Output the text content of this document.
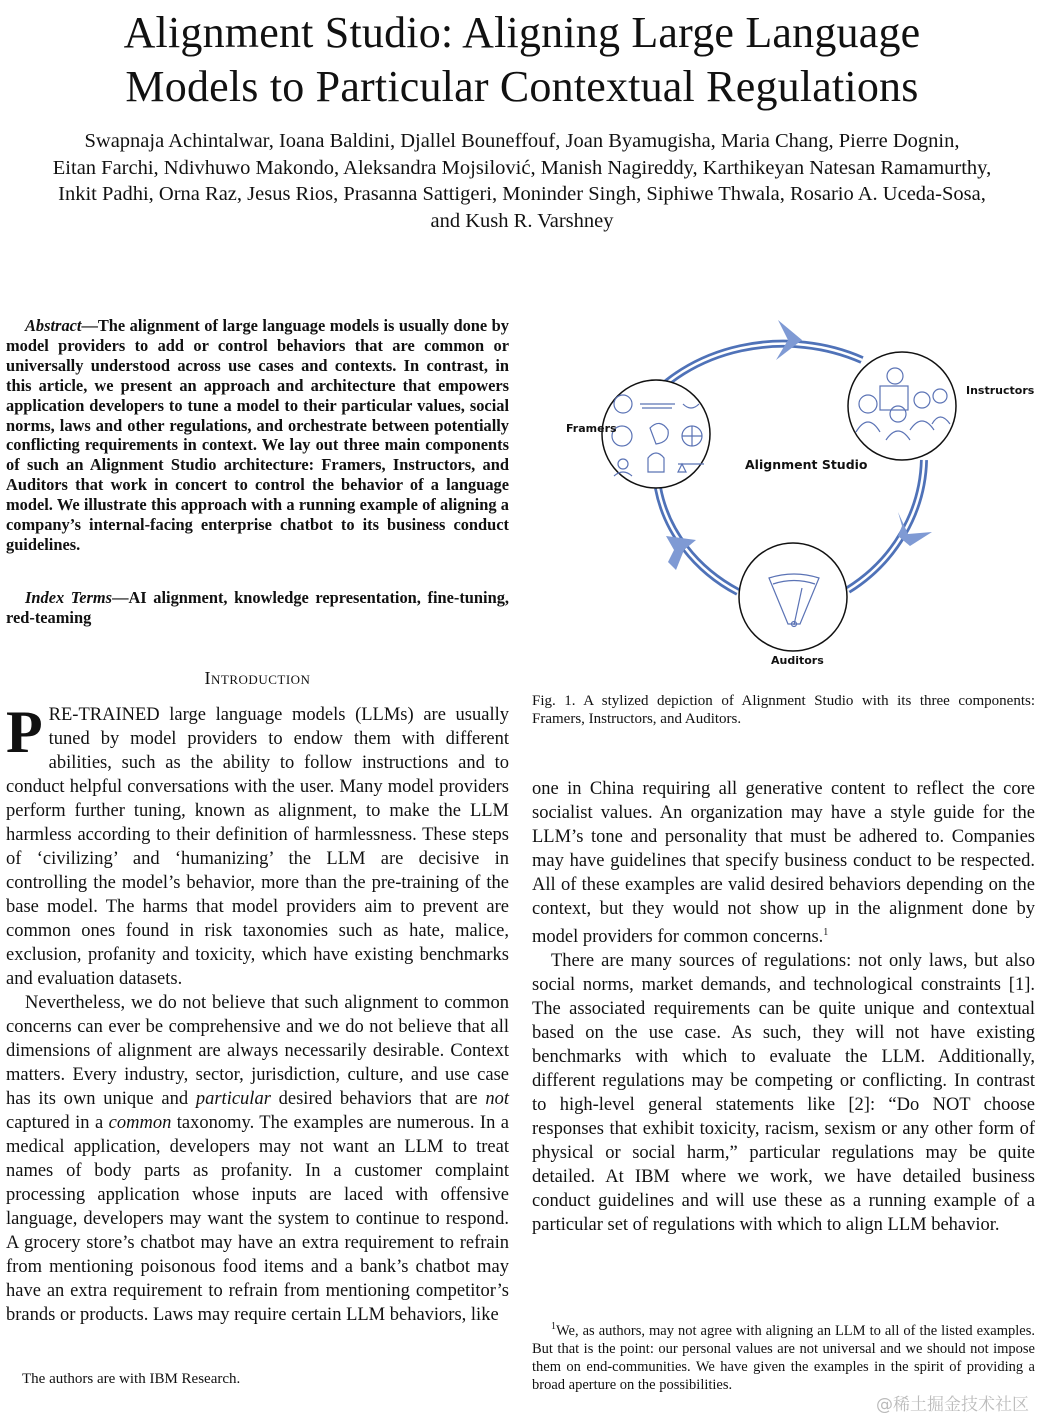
Alignment Studio: Aligning Large Language
Models to Particular Contextual Regulations
Swapnaja Achintalwar, Ioana Baldini, Djallel Bouneffouf, Joan Byamugisha, Maria Chang, Pierre Dognin,
Eitan Farchi, Ndivhuwo Makondo, Aleksandra Mojsilović, Manish Nagireddy, Karthikeyan Natesan Ramamurthy,
Inkit Padhi, Orna Raz, Jesus Rios, Prasanna Sattigeri, Moninder Singh, Siphiwe Thwala, Rosario A. Uceda-Sosa,
and Kush R. Varshney
Abstract—The alignment of large language models is usually done by model providers to add or control behaviors that are common or universally understood across use cases and contexts. In contrast, in this article, we present an approach and architecture that empowers application developers to tune a model to their particular values, social norms, laws and other regulations, and orchestrate between potentially conflicting requirements in context. We lay out three main components of such an Alignment Studio architecture: Framers, Instructors, and Auditors that work in concert to control the behavior of a language model. We illustrate this approach with a running example of aligning a company’s internal-facing enterprise chatbot to its business conduct guidelines.
Index Terms—AI alignment, knowledge representation, fine-tuning, red-teaming
Introduction

PRE-TRAINED large language models (LLMs) are usually tuned by model providers to endow them with different abilities, such as the ability to follow instructions and to conduct helpful conversations with the user. Many model providers perform further tuning, known as alignment, to make the LLM harmless according to their definition of harmlessness. These steps of ‘civilizing’ and ‘humanizing’ the LLM are decisive in controlling the model’s behavior, more than the pre-training of the base model. The harms that model providers aim to prevent are common ones found in risk taxonomies such as hate, malice, exclusion, profanity and toxicity, which have existing benchmarks and evaluation datasets.

Nevertheless, we do not believe that such alignment to common concerns can ever be comprehensive and we do not believe that all dimensions of alignment are always necessarily desirable. Context matters. Every industry, sector, jurisdiction, culture, and use case has its own unique and particular desired behaviors that are not captured in a common taxonomy. The examples are numerous. In a medical application, developers may not want an LLM to treat names of body parts as profanity. In a customer complaint processing application whose inputs are laced with offensive language, developers may want the system to continue to respond. A grocery store’s chatbot may have an extra requirement to refrain from mentioning poisonous food items and a bank’s chatbot may have an extra requirement to refrain from mentioning competitor’s brands or products. Laws may require certain LLM behaviors, like

Framers
Instructors
Auditors
Alignment Studio
Fig. 1. A stylized depiction of Alignment Studio with its three components: Framers, Instructors, and Auditors.

one in China requiring all generative content to reflect the core socialist values. An organization may have a style guide for the LLM’s tone and personality that must be adhered to. Companies may have guidelines that specify business conduct to be respected. All of these examples are valid desired behaviors depending on the context, but they would not show up in the alignment done by model providers for common concerns.$^1$

There are many sources of regulations: not only laws, but also social norms, market demands, and technological constraints [1]. The associated requirements can be quite unique and contextual based on the use case. As such, they will not have existing benchmarks with which to evaluate the LLM. Additionally, different regulations may be competing or conflicting. In contrast to high-level general statements like [2]: “Do NOT choose responses that exhibit toxicity, racism, sexism or any other form of physical or social harm,” particular regulations may be quite detailed. At IBM where we work, we have detailed business conduct guidelines and will use these as a running example of a particular set of regulations with which to align LLM behavior.

The authors are with IBM Research.
$^1$We, as authors, may not agree with aligning an LLM to all of the listed examples. But that is the point: our personal values are not universal and we should not impose them on end-communities. We have given the examples in the spirit of providing a broad aperture on the possibilities.
@稀土掘金技术社区
